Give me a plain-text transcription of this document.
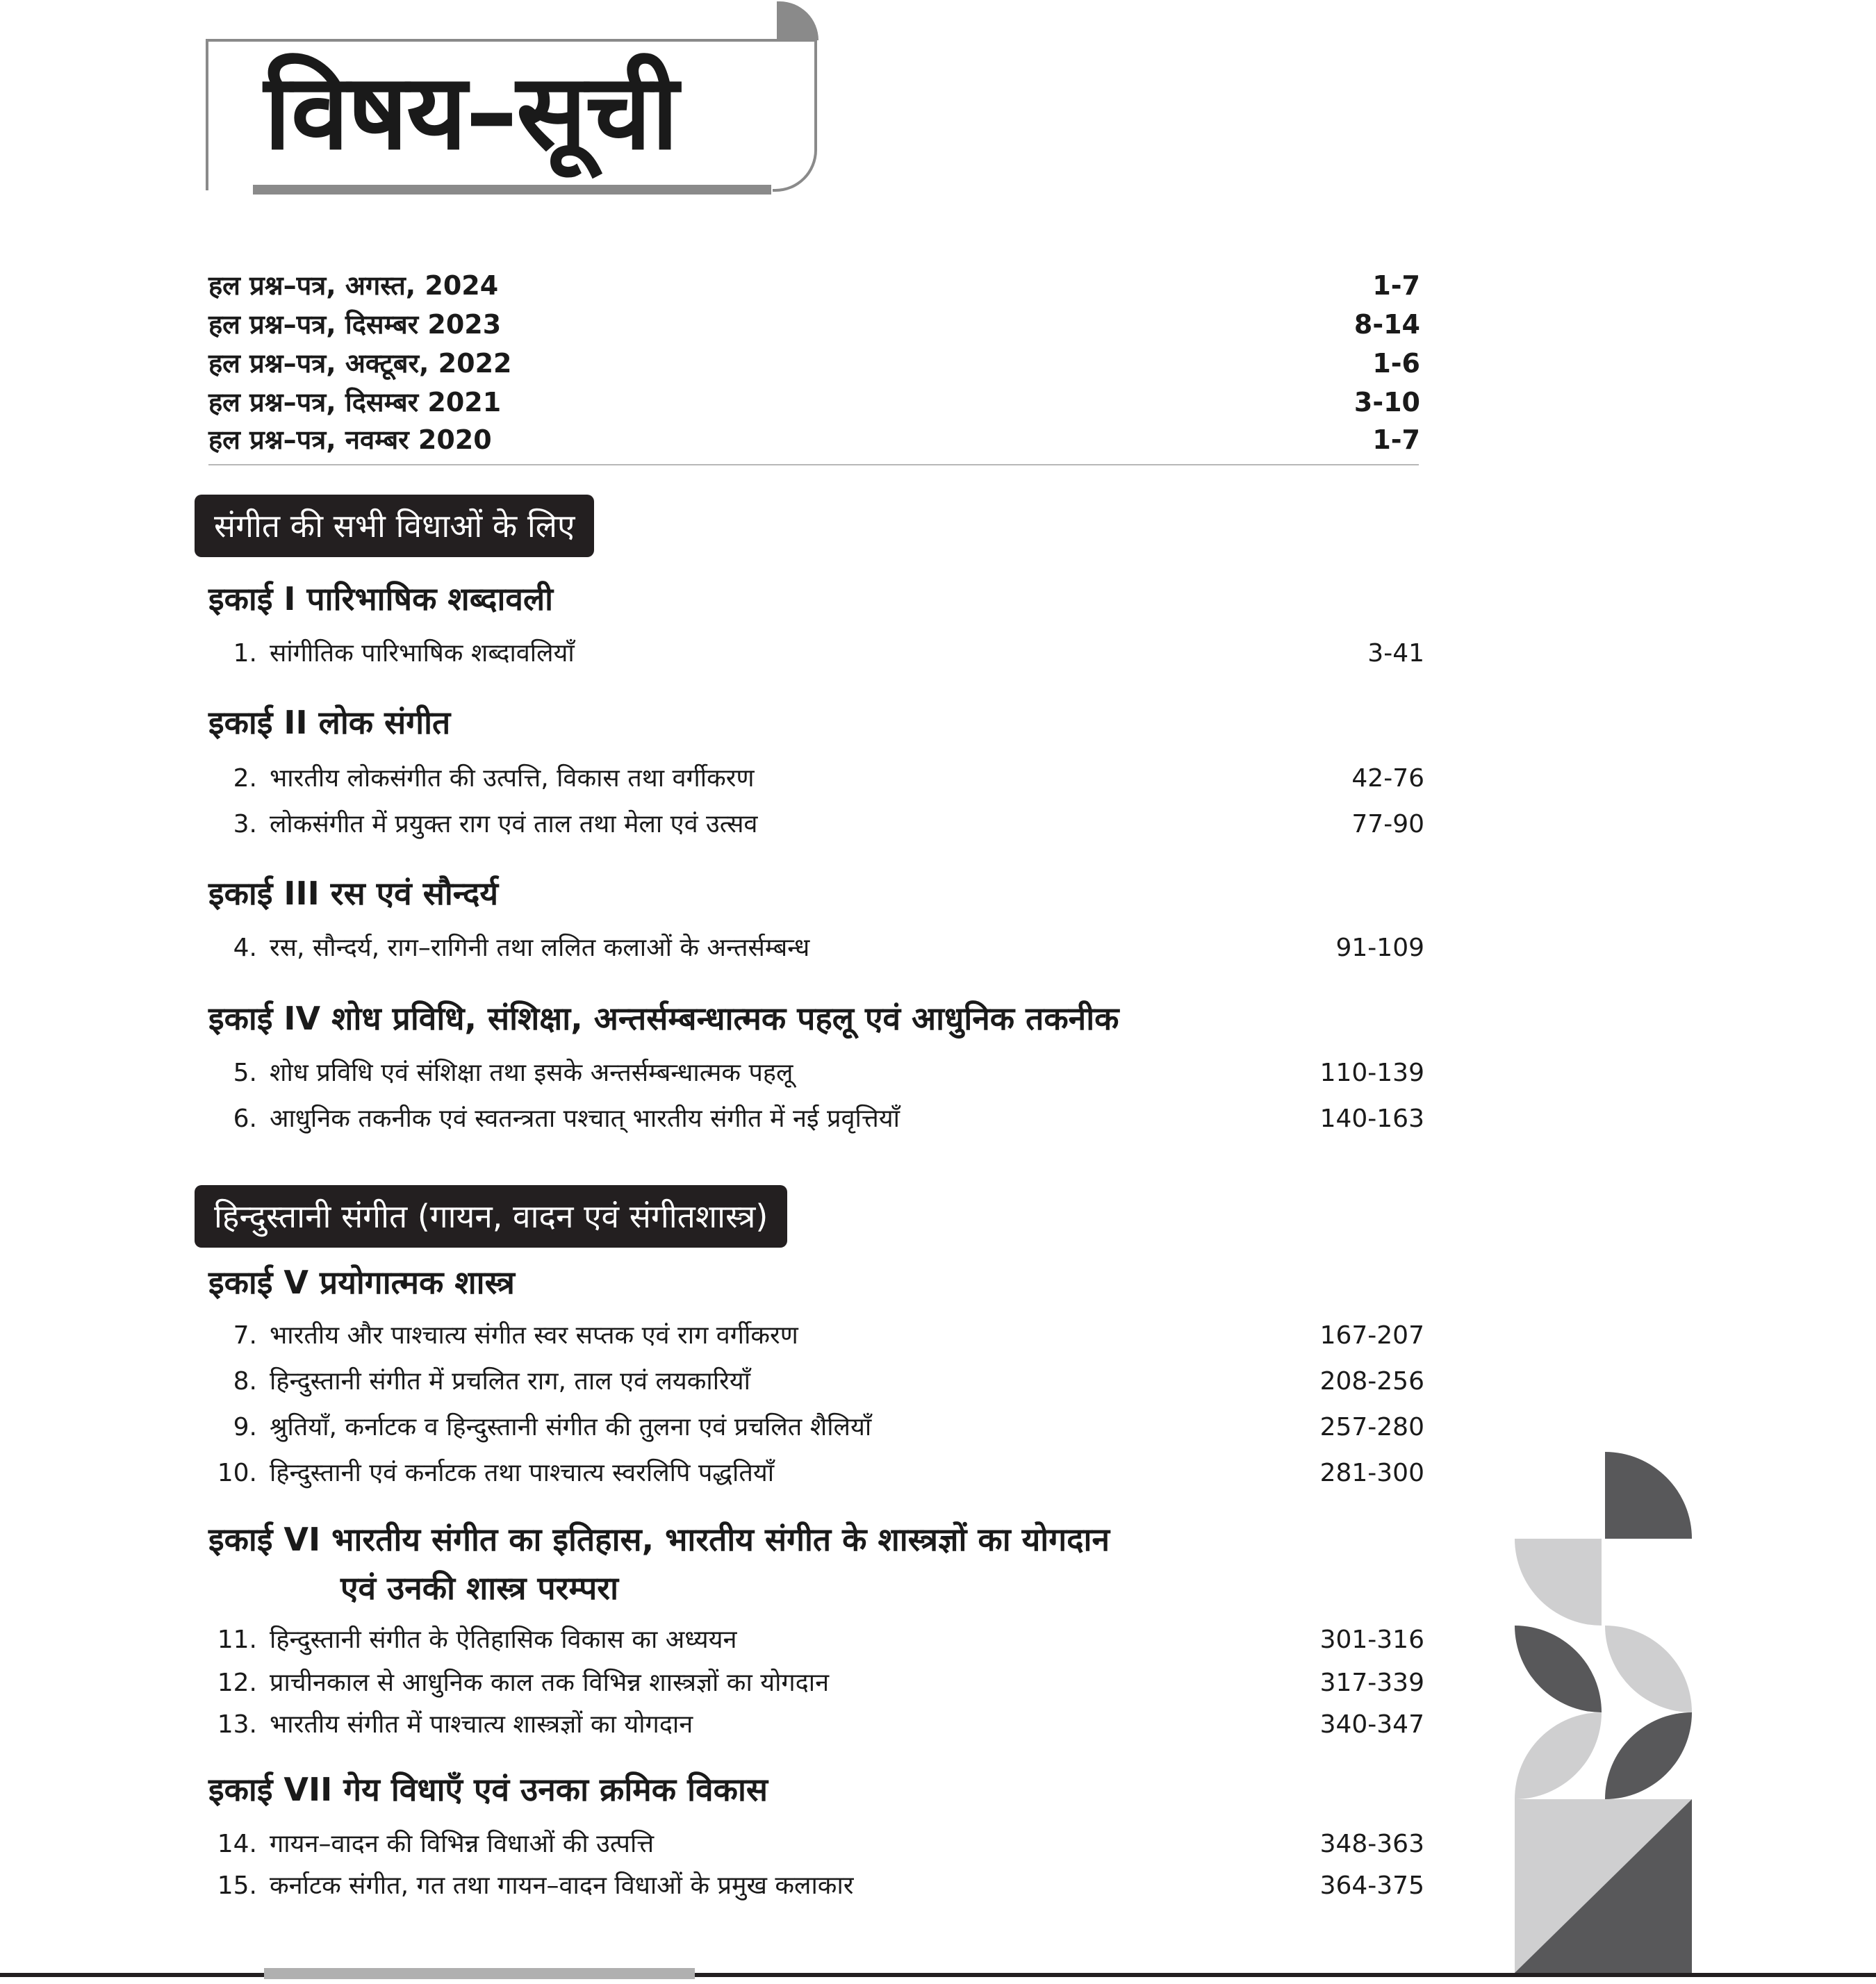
विषय–सूची
हल प्रश्न–पत्र, अगस्त, 2024	1-7
हल प्रश्न–पत्र, दिसम्बर 2023	8-14
हल प्रश्न–पत्र, अक्टूबर, 2022	1-6
हल प्रश्न–पत्र, दिसम्बर 2021	3-10
हल प्रश्न–पत्र, नवम्बर 2020	1-7
संगीत की सभी विधाओं के लिए
इकाई I पारिभाषिक शब्दावली
1. सांगीतिक पारिभाषिक शब्दावलियाँ	3-41
इकाई II लोक संगीत
2. भारतीय लोकसंगीत की उत्पत्ति, विकास तथा वर्गीकरण	42-76
3. लोकसंगीत में प्रयुक्त राग एवं ताल तथा मेला एवं उत्सव	77-90
इकाई III रस एवं सौन्दर्य
4. रस, सौन्दर्य, राग–रागिनी तथा ललित कलाओं के अन्तर्सम्बन्ध	91-109
इकाई IV शोध प्रविधि, संशिक्षा, अन्तर्सम्बन्धात्मक पहलू एवं आधुनिक तकनीक
5. शोध प्रविधि एवं संशिक्षा तथा इसके अन्तर्सम्बन्धात्मक पहलू	110-139
6. आधुनिक तकनीक एवं स्वतन्त्रता पश्चात् भारतीय संगीत में नई प्रवृत्तियाँ	140-163
हिन्दुस्तानी संगीत (गायन, वादन एवं संगीतशास्त्र)
इकाई V प्रयोगात्मक शास्त्र
7. भारतीय और पाश्चात्य संगीत स्वर सप्तक एवं राग वर्गीकरण	167-207
8. हिन्दुस्तानी संगीत में प्रचलित राग, ताल एवं लयकारियाँ	208-256
9. श्रुतियाँ, कर्नाटक व हिन्दुस्तानी संगीत की तुलना एवं प्रचलित शैलियाँ	257-280
10. हिन्दुस्तानी एवं कर्नाटक तथा पाश्चात्य स्वरलिपि पद्धतियाँ	281-300
इकाई VI भारतीय संगीत का इतिहास, भारतीय संगीत के शास्त्रज्ञों का योगदान
एवं उनकी शास्त्र परम्परा
11. हिन्दुस्तानी संगीत के ऐतिहासिक विकास का अध्ययन	301-316
12. प्राचीनकाल से आधुनिक काल तक विभिन्न शास्त्रज्ञों का योगदान	317-339
13. भारतीय संगीत में पाश्चात्य शास्त्रज्ञों का योगदान	340-347
इकाई VII गेय विधाएँ एवं उनका क्रमिक विकास
14. गायन–वादन की विभिन्न विधाओं की उत्पत्ति	348-363
15. कर्नाटक संगीत, गत तथा गायन–वादन विधाओं के प्रमुख कलाकार	364-375
